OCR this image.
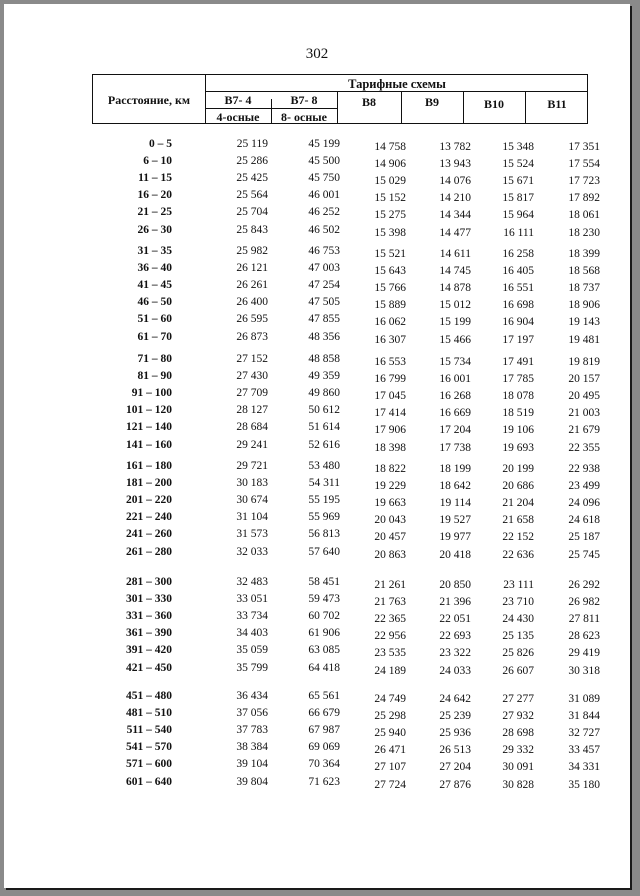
302
Расстояние, км
Тарифные схемы
В7- 4
4-осные
В7- 8
8- осные
В8	В9	В10	В11
0 – 5	25 119	45 199	14 758	13 782	15 348	17 351
6 – 10	25 286	45 500	14 906	13 943	15 524	17 554
11 – 15	25 425	45 750	15 029	14 076	15 671	17 723
16 – 20	25 564	46 001	15 152	14 210	15 817	17 892
21 – 25	25 704	46 252	15 275	14 344	15 964	18 061
26 – 30	25 843	46 502	15 398	14 477	16 111	18 230
31 – 35	25 982	46 753	15 521	14 611	16 258	18 399
36 – 40	26 121	47 003	15 643	14 745	16 405	18 568
41 – 45	26 261	47 254	15 766	14 878	16 551	18 737
46 – 50	26 400	47 505	15 889	15 012	16 698	18 906
51 – 60	26 595	47 855	16 062	15 199	16 904	19 143
61 – 70	26 873	48 356	16 307	15 466	17 197	19 481
71 – 80	27 152	48 858	16 553	15 734	17 491	19 819
81 – 90	27 430	49 359	16 799	16 001	17 785	20 157
91 – 100	27 709	49 860	17 045	16 268	18 078	20 495
101 – 120	28 127	50 612	17 414	16 669	18 519	21 003
121 – 140	28 684	51 614	17 906	17 204	19 106	21 679
141 – 160	29 241	52 616	18 398	17 738	19 693	22 355
161 – 180	29 721	53 480	18 822	18 199	20 199	22 938
181 – 200	30 183	54 311	19 229	18 642	20 686	23 499
201 – 220	30 674	55 195	19 663	19 114	21 204	24 096
221 – 240	31 104	55 969	20 043	19 527	21 658	24 618
241 – 260	31 573	56 813	20 457	19 977	22 152	25 187
261 – 280	32 033	57 640	20 863	20 418	22 636	25 745
281 – 300	32 483	58 451	21 261	20 850	23 111	26 292
301 – 330	33 051	59 473	21 763	21 396	23 710	26 982
331 – 360	33 734	60 702	22 365	22 051	24 430	27 811
361 – 390	34 403	61 906	22 956	22 693	25 135	28 623
391 – 420	35 059	63 085	23 535	23 322	25 826	29 419
421 – 450	35 799	64 418	24 189	24 033	26 607	30 318
451 – 480	36 434	65 561	24 749	24 642	27 277	31 089
481 – 510	37 056	66 679	25 298	25 239	27 932	31 844
511 – 540	37 783	67 987	25 940	25 936	28 698	32 727
541 – 570	38 384	69 069	26 471	26 513	29 332	33 457
571 – 600	39 104	70 364	27 107	27 204	30 091	34 331
601 – 640	39 804	71 623	27 724	27 876	30 828	35 180
